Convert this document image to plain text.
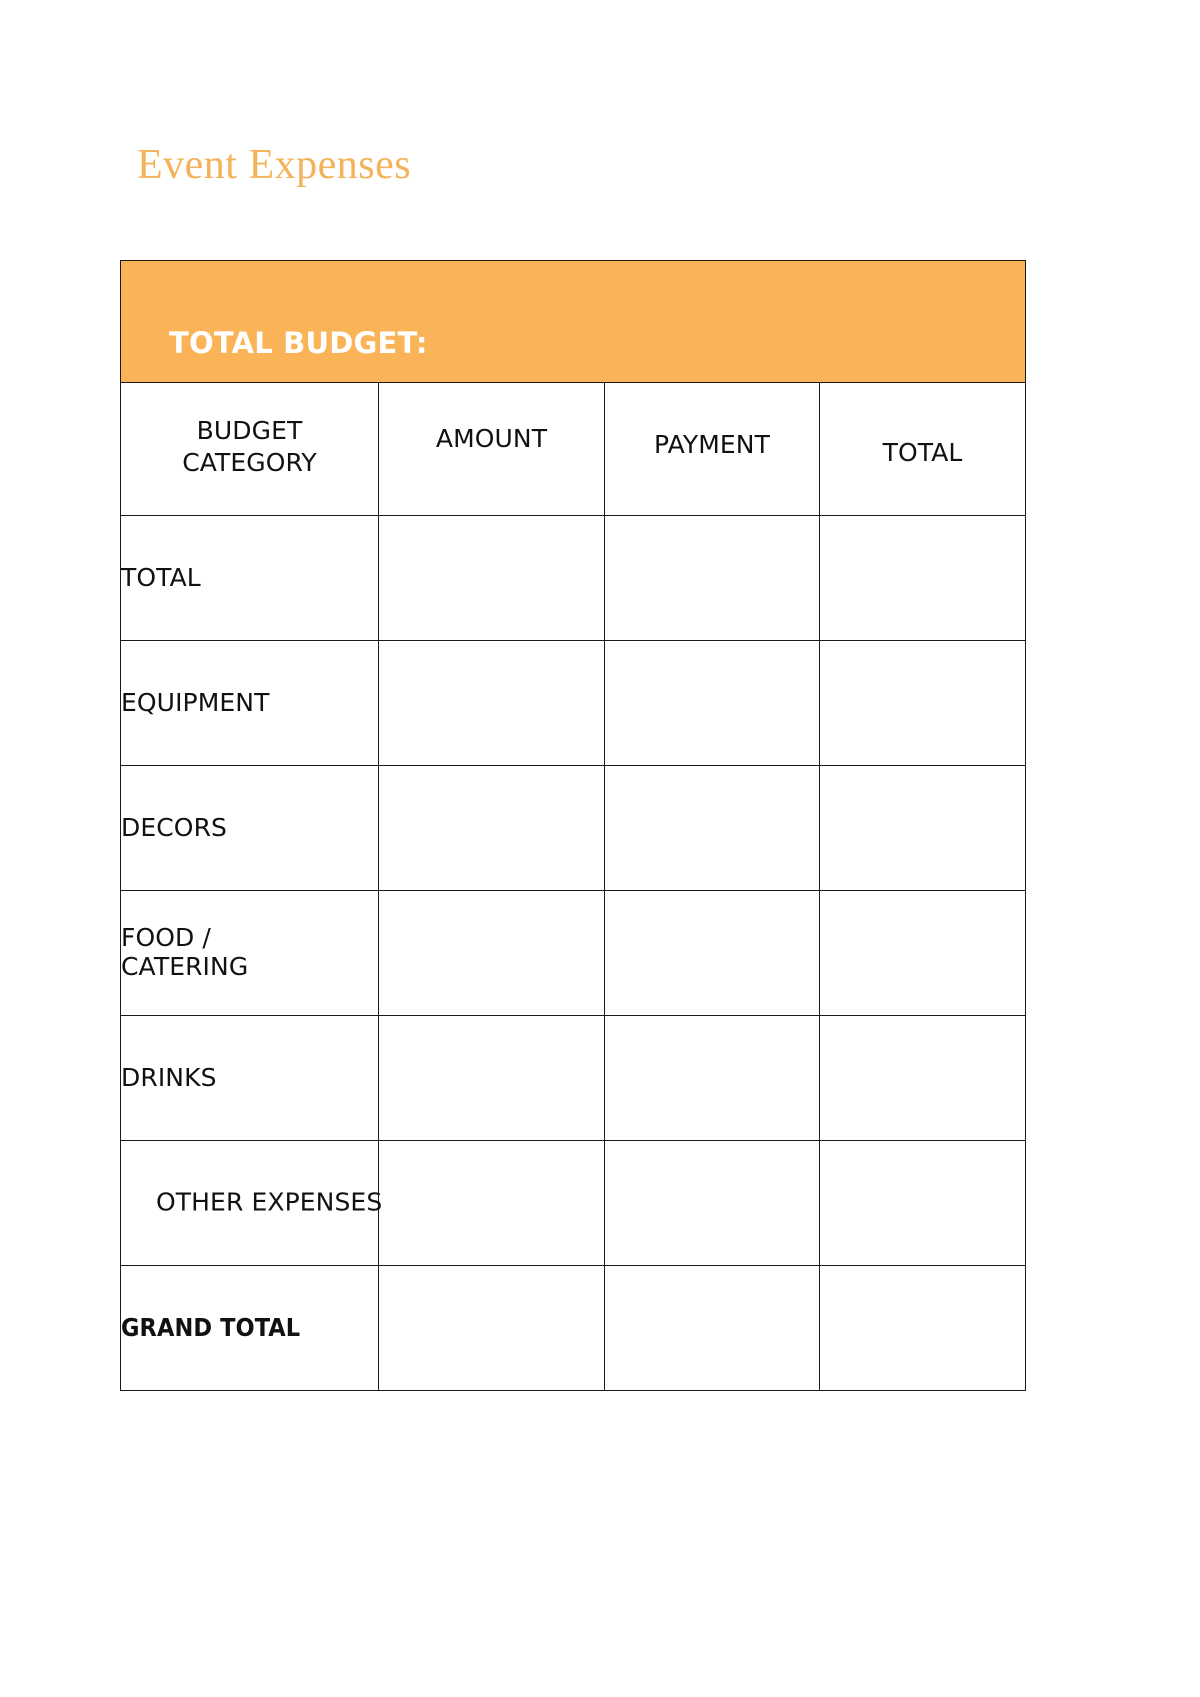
Event Expenses
TOTAL BUDGET:			

BUDGET
CATEGORY	AMOUNT	PAYMENT	TOTAL

TOTAL			

EQUIPMENT			

DECORS			

FOOD /
CATERING			

DRINKS			

OTHER EXPENSES			

GRAND TOTAL			
